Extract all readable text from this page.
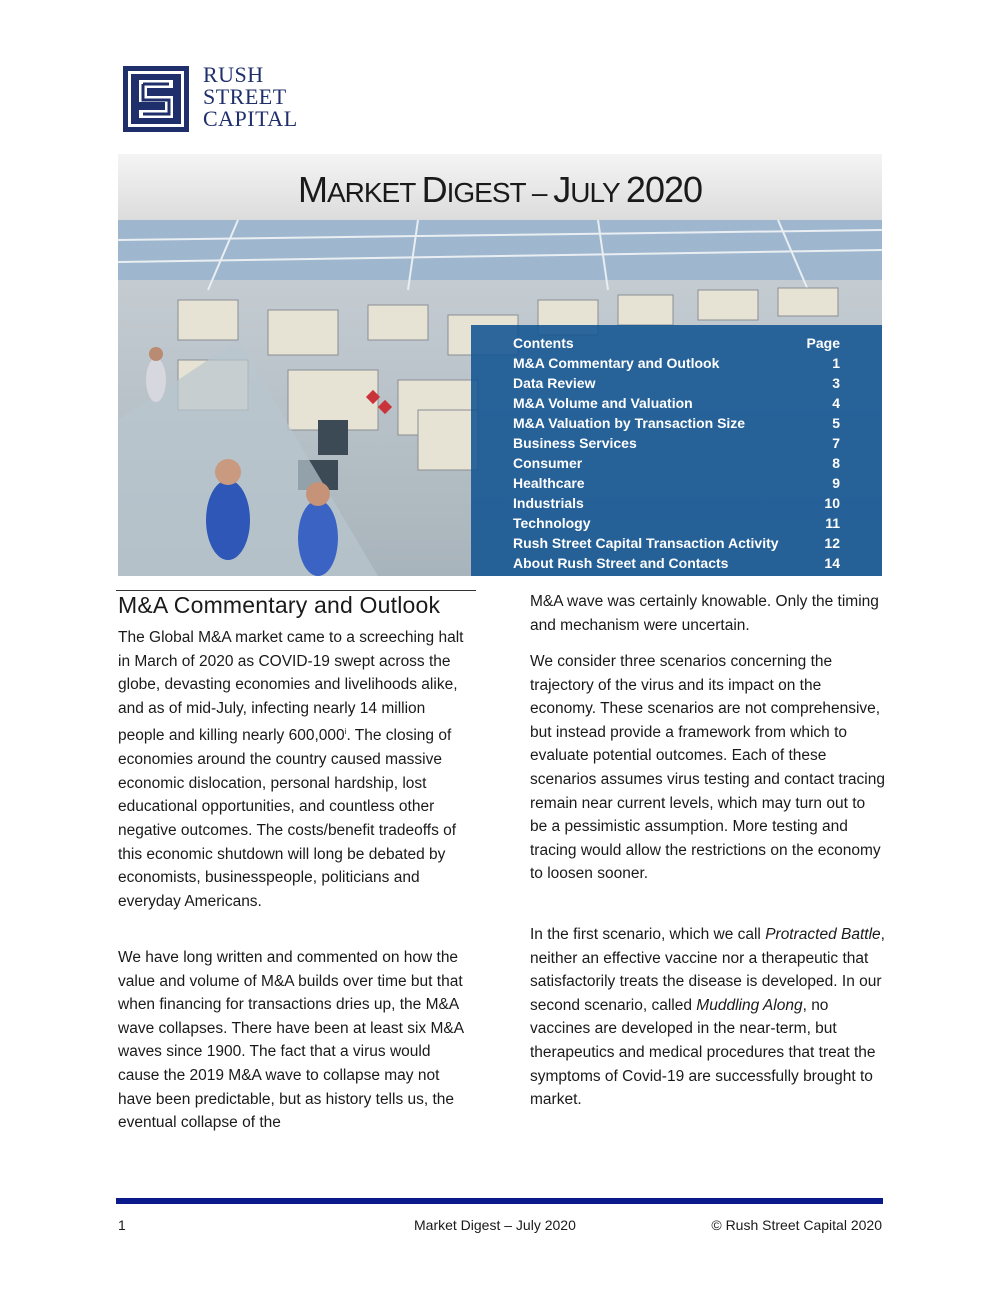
RUSH
STREET
CAPITAL
MARKET DIGEST – JULY 2020
Contents	Page
M&A Commentary and Outlook	1
Data Review	3
M&A Volume and Valuation	4
M&A Valuation by Transaction Size	5
Business Services	7
Consumer	8
Healthcare	9
Industrials	10
Technology	11
Rush Street Capital Transaction Activity	12
About Rush Street and Contacts	14
M&A Commentary and Outlook

The Global M&A market came to a screeching halt in March of 2020 as COVID-19 swept across the globe, devasting economies and livelihoods alike, and as of mid-July, infecting nearly 14 million people and killing nearly 600,000$^i$. The closing of economies around the country caused massive economic dislocation, personal hardship, lost educational opportunities, and countless other negative outcomes. The costs/benefit tradeoffs of this economic shutdown will long be debated by economists, businesspeople, politicians and everyday Americans.

We have long written and commented on how the value and volume of M&A builds over time but that when financing for transactions dries up, the M&A wave collapses. There have been at least six M&A waves since 1900. The fact that a virus would cause the 2019 M&A wave to collapse may not have been predictable, but as history tells us, the eventual collapse of the

M&A wave was certainly knowable. Only the timing and mechanism were uncertain.

We consider three scenarios concerning the trajectory of the virus and its impact on the economy. These scenarios are not comprehensive, but instead provide a framework from which to evaluate potential outcomes. Each of these scenarios assumes virus testing and contact tracing remain near current levels, which may turn out to be a pessimistic assumption. More testing and tracing would allow the restrictions on the economy to loosen sooner.

In the first scenario, which we call Protracted Battle, neither an effective vaccine nor a therapeutic that satisfactorily treats the disease is developed. In our second scenario, called Muddling Along, no vaccines are developed in the near-term, but therapeutics and medical procedures that treat the symptoms of Covid-19 are successfully brought to market.

1	Market Digest – July 2020	© Rush Street Capital 2020
